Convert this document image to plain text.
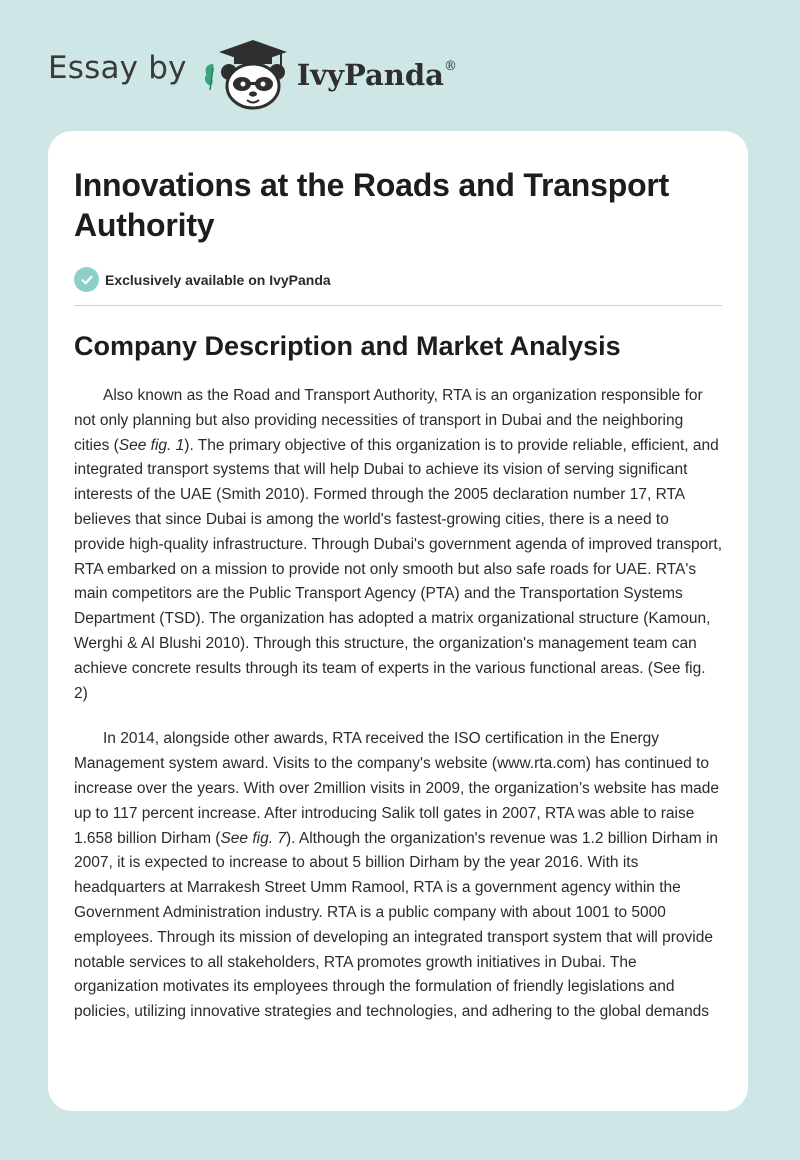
Essay by	IvyPanda®
Innovations at the Roads and Transport Authority
Exclusively available on IvyPanda
Company Description and Market Analysis

Also known as the Road and Transport Authority, RTA is an organization responsible for not only planning but also providing necessities of transport in Dubai and the neighboring cities (See fig. 1). The primary objective of this organization is to provide reliable, efficient, and integrated transport systems that will help Dubai to achieve its vision of serving significant interests of the UAE (Smith 2010). Formed through the 2005 declaration number 17, RTA believes that since Dubai is among the world's fastest-growing cities, there is a need to provide high-quality infrastructure. Through Dubai's government agenda of improved transport, RTA embarked on a mission to provide not only smooth but also safe roads for UAE. RTA's main competitors are the Public Transport Agency (PTA) and the Transportation Systems Department (TSD). The organization has adopted a matrix organizational structure (Kamoun, Werghi & Al Blushi 2010). Through this structure, the organization's management team can achieve concrete results through its team of experts in the various functional areas. (See fig. 2)

In 2014, alongside other awards, RTA received the ISO certification in the Energy Management system award. Visits to the company's website (www.rta.com) has continued to increase over the years. With over 2million visits in 2009, the organization’s website has made up to 117 percent increase. After introducing Salik toll gates in 2007, RTA was able to raise 1.658 billion Dirham (See fig. 7). Although the organization's revenue was 1.2 billion Dirham in 2007, it is expected to increase to about 5 billion Dirham by the year 2016. With its headquarters at Marrakesh Street Umm Ramool, RTA is a government agency within the Government Administration industry. RTA is a public company with about 1001 to 5000 employees. Through its mission of developing an integrated transport system that will provide notable services to all stakeholders, RTA promotes growth initiatives in Dubai. The organization motivates its employees through the formulation of friendly legislations and policies, utilizing innovative strategies and technologies, and adhering to the global demands
